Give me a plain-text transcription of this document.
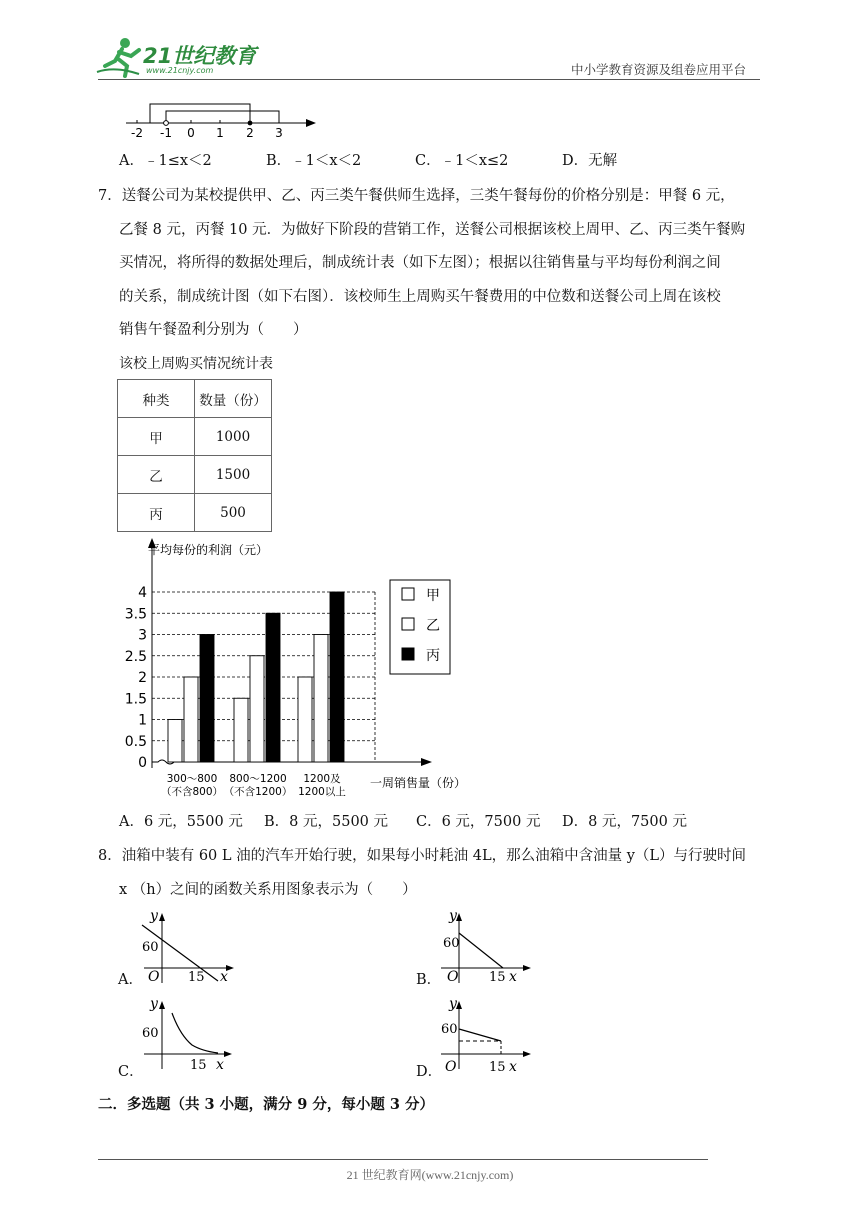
21世纪教育
www.21cnjy.com	中小学教育资源及组卷应用平台
-2 -1 0 1 2 3
A．﹣1≤x＜2	B．﹣1＜x＜2	C．﹣1＜x≤2	D．无解
7．送餐公司为某校提供甲、乙、丙三类午餐供师生选择，三类午餐每份的价格分别是：甲餐 6 元，
乙餐 8 元，丙餐 10 元．为做好下阶段的营销工作，送餐公司根据该校上周甲、乙、丙三类午餐购
买情况，将所得的数据处理后，制成统计表（如下左图）；根据以往销售量与平均每份利润之间
的关系，制成统计图（如下右图）．该校师生上周购买午餐费用的中位数和送餐公司上周在该校
销售午餐盈利分别为（　　）
该校上周购买情况统计表
种类	数量（份）
甲	1000
乙	1500
丙	500
平均每份的利润（元）
一周销售量（份）
0
0.5
1
1.5
2
2.5
3
3.5
4
300～800
（不含800）
800～1200
（不含1200）
1200及
1200以上
甲
乙
丙
A．6 元，5500 元 B．8 元，5500 元 C．6 元，7500 元 D．8 元，7500 元
8．油箱中装有 60 L 油的汽车开始行驶，如果每小时耗油 4L，那么油箱中含油量 y（L）与行驶时间
x （h）之间的函数关系用图象表示为（　　）
A．
y
60
O 15 x	B．
y
60
O 15 x
C．
y
60
15 x	D．
y
60
O	15 x
二．多选题（共 3 小题，满分 9 分，每小题 3 分）
21 世纪教育网(www.21cnjy.com)
